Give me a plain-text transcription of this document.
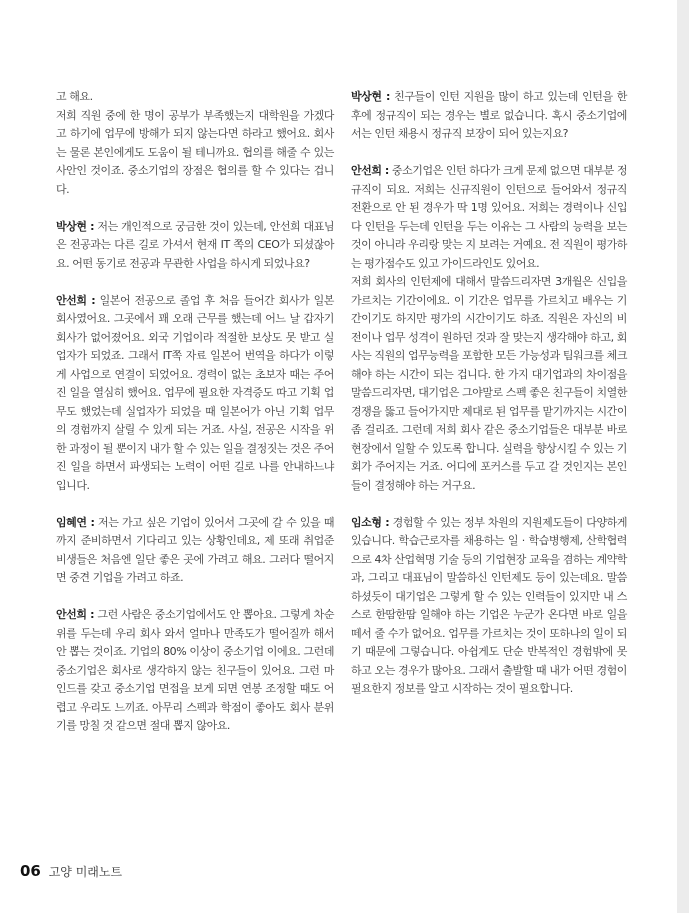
고 해요.

저희 직원 중에 한 명이 공부가 부족했는지 대학원을 가겠다고 하기에 업무에 방해가 되지 않는다면 하라고 했어요. 회사는 물론 본인에게도 도움이 될 테니까요. 협의를 해줄 수 있는 사안인 것이죠. 중소기업의 장점은 협의를 할 수 있다는 겁니다.

박상현 : 저는 개인적으로 궁금한 것이 있는데, 안선희 대표님은 전공과는 다른 길로 가셔서 현재 IT 쪽의 CEO가 되셨잖아요. 어떤 동기로 전공과 무관한 사업을 하시게 되었나요?

안선희 : 일본어 전공으로 졸업 후 처음 들어간 회사가 일본 회사였어요. 그곳에서 꽤 오래 근무를 했는데 어느 날 갑자기 회사가 없어졌어요. 외국 기업이라 적절한 보상도 못 받고 실업자가 되었죠. 그래서 IT쪽 자료 일본어 번역을 하다가 이렇게 사업으로 연결이 되었어요. 경력이 없는 초보자 때는 주어진 일을 열심히 했어요. 업무에 필요한 자격증도 따고 기획 업무도 했었는데 실업자가 되었을 때 일본어가 아닌 기획 업무의 경험까지 살릴 수 있게 되는 거죠. 사실, 전공은 시작을 위한 과정이 될 뿐이지 내가 할 수 있는 일을 결정짓는 것은 주어진 일을 하면서 파생되는 노력이 어떤 길로 나를 안내하느냐 입니다.

임혜연 : 저는 가고 싶은 기업이 있어서 그곳에 갈 수 있을 때까지 준비하면서 기다리고 있는 상황인데요, 제 또래 취업준비생들은 처음엔 일단 좋은 곳에 가려고 해요. 그러다 떨어지면 중견 기업을 가려고 하죠.

안선희 : 그런 사람은 중소기업에서도 안 뽑아요. 그렇게 차순위를 두는데 우리 회사 와서 얼마나 만족도가 떨어질까 해서 안 뽑는 것이죠. 기업의 80% 이상이 중소기업 이에요. 그런데 중소기업은 회사로 생각하지 않는 친구들이 있어요. 그런 마인드를 갖고 중소기업 면접을 보게 되면 연봉 조정할 때도 어렵고 우리도 느끼죠. 아무리 스펙과 학점이 좋아도 회사 분위기를 망칠 것 같으면 절대 뽑지 않아요.

박상현 : 친구들이 인턴 지원을 많이 하고 있는데 인턴을 한 후에 정규직이 되는 경우는 별로 없습니다. 혹시 중소기업에서는 인턴 채용시 정규직 보장이 되어 있는지요?

안선희 : 중소기업은 인턴 하다가 크게 문제 없으면 대부분 정규직이 되요. 저희는 신규직원이 인턴으로 들어와서 정규직 전환으로 안 된 경우가 딱 1명 있어요. 저희는 경력이나 신입 다 인턴을 두는데 인턴을 두는 이유는 그 사람의 능력을 보는 것이 아니라 우리랑 맞는 지 보려는 거예요. 전 직원이 평가하는 평가점수도 있고 가이드라인도 있어요.

저희 회사의 인턴제에 대해서 말씀드리자면 3개월은 신입을 가르치는 기간이에요. 이 기간은 업무를 가르치고 배우는 기간이기도 하지만 평가의 시간이기도 하죠. 직원은 자신의 비전이나 업무 성격이 원하던 것과 잘 맞는지 생각해야 하고, 회사는 직원의 업무능력을 포함한 모든 가능성과 팀워크를 체크해야 하는 시간이 되는 겁니다. 한 가지 대기업과의 차이점을 말씀드리자면, 대기업은 그야말로 스펙 좋은 친구들이 치열한 경쟁을 뚫고 들어가지만 제대로 된 업무를 맡기까지는 시간이 좀 걸리죠. 그런데 저희 회사 같은 중소기업들은 대부분 바로 현장에서 일할 수 있도록 합니다. 실력을 향상시킬 수 있는 기회가 주어지는 거죠. 어디에 포커스를 두고 갈 것인지는 본인들이 결정해야 하는 거구요.

임소형 : 경험할 수 있는 정부 차원의 지원제도들이 다양하게 있습니다. 학습근로자를 채용하는 일 · 학습병행제, 산학협력으로 4차 산업혁명 기술 등의 기업현장 교육을 겸하는 계약학과, 그리고 대표님이 말씀하신 인턴제도 등이 있는데요. 말씀하셨듯이 대기업은 그렇게 할 수 있는 인력들이 있지만 내 스스로 한땀한땀 일해야 하는 기업은 누군가 온다면 바로 일을 떼서 줄 수가 없어요. 업무를 가르치는 것이 또하나의 일이 되기 때문에 그렇습니다. 아쉽게도 단순 반복적인 경험밖에 못하고 오는 경우가 많아요. 그래서 출발할 때 내가 어떤 경험이 필요한지 정보를 알고 시작하는 것이 필요합니다.

06 고양 미래노트
